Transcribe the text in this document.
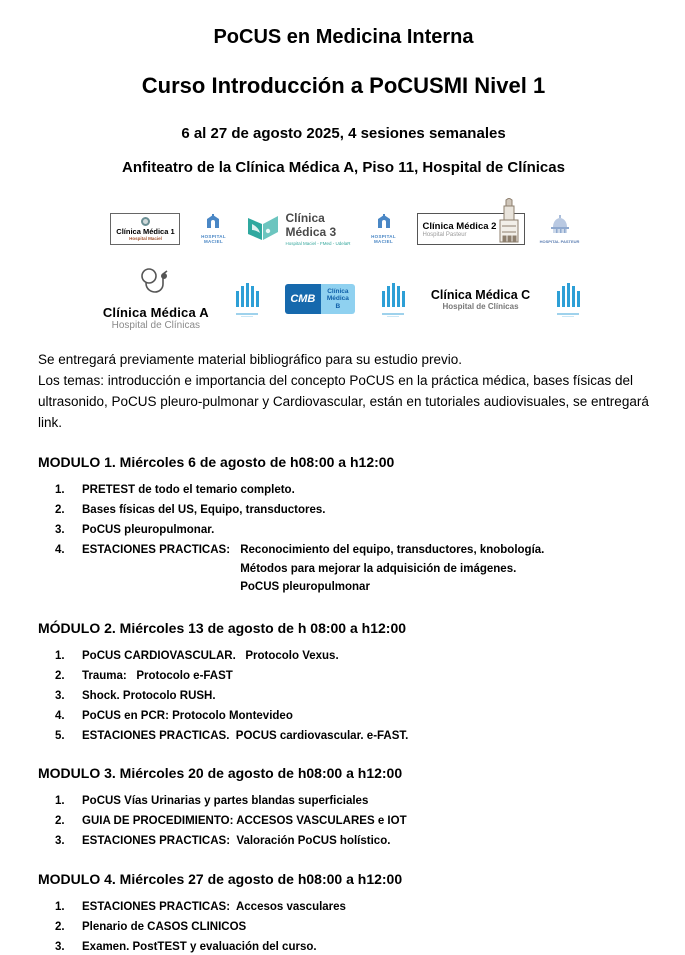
PoCUS en Medicina Interna
Curso Introducción a PoCUSMI Nivel 1
6 al 27 de agosto 2025, 4 sesiones semanales
Anfiteatro de la Clínica Médica A, Piso 11, Hospital de Clínicas
Clínica Médica 1
Hospital Maciel	HOSPITAL MACIEL
Clínica
Médica 3
Hospital Maciel - FMed - UdelaR
HOSPITAL MACIEL
Clínica Médica 2
Hospital Pasteur
HOSPITAL PASTEUR
Clínica Médica A
Hospital de Clínicas
CMB
Clínica
Médica
B
Clínica Médica C
Hospital de Clínicas
Se entregará previamente material bibliográfico para su estudio previo.
Los temas: introducción e importancia del concepto PoCUS en la práctica médica, bases físicas del ultrasonido, PoCUS pleuro-pulmonar y Cardiovascular, están en tutoriales audiovisuales, se entregará link.
MODULO 1. Miércoles 6 de agosto de h08:00 a h12:00
1.	PRETEST de todo el temario completo.
2.	Bases físicas del US, Equipo, transductores.
3.	PoCUS pleuropulmonar.
4.	ESTACIONES PRACTICAS: Reconocimiento del equipo, transductores, knobología.
Métodos para mejorar la adquisición de imágenes.
PoCUS pleuropulmonar
MÓDULO 2. Miércoles 13 de agosto de h 08:00 a h12:00
1.	PoCUS CARDIOVASCULAR.   Protocolo Vexus.
2.	Trauma:   Protocolo e-FAST
3.	Shock. Protocolo RUSH.
4.	PoCUS en PCR: Protocolo Montevideo
5.	ESTACIONES PRACTICAS.  POCUS cardiovascular. e-FAST.
MODULO 3. Miércoles 20 de agosto de h08:00 a h12:00
1.	PoCUS Vías Urinarias y partes blandas superficiales
2.	GUIA DE PROCEDIMIENTO: ACCESOS VASCULARES e IOT
3.	ESTACIONES PRACTICAS:  Valoración PoCUS holístico.
MODULO 4. Miércoles 27 de agosto de h08:00 a h12:00
1.	ESTACIONES PRACTICAS:  Accesos vasculares
2.	Plenario de CASOS CLINICOS
3.	Examen. PostTEST y evaluación del curso.
